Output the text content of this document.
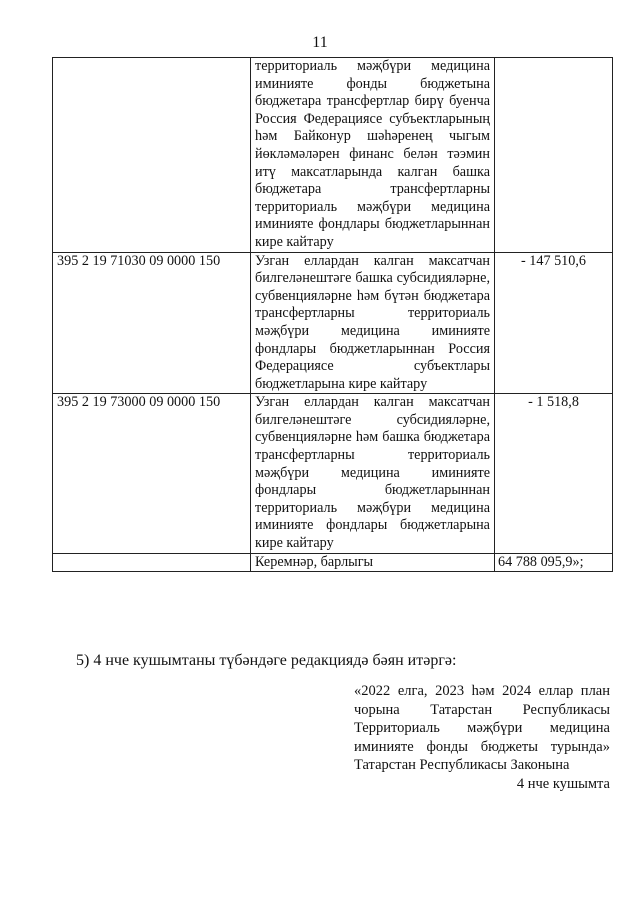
11
	территориаль мәҗбүри медицина иминияте фонды бюджетына бюджетара трансфертлар бирү буенча Россия Федерациясе субъектларының һәм Байконур шәһәренең чыгым йөкләмәләрен финанс белән тәэмин итү максатларында калган башка бюджетара трансфертларны территориаль мәҗбүри медицина иминияте фондлары бюджетларыннан кире кайтару	
395 2 19 71030 09 0000 150	Узган еллардан калган максатчан билгеләнештәге башка субсидияләрне, субвенцияләрне һәм бүтән бюджетара трансфертларны территориаль мәҗбүри медицина иминияте фондлары бюджетларыннан Россия Федерациясе субъектлары бюджетларына кире кайтару	- 147 510,6
395 2 19 73000 09 0000 150	Узган еллардан калган максатчан билгеләнештәге субсидияләрне, субвенцияләрне һәм башка бюджетара трансфертларны территориаль мәҗбүри медицина иминияте фондлары бюджетларыннан территориаль мәҗбүри медицина иминияте фондлары бюджетларына кире кайтару	- 1 518,8
	Керемнәр, барлыгы	64 788 095,9»;
5) 4 нче кушымтаны түбәндәге редакциядә бәян итәргә:
«2022 елга, 2023 һәм 2024 еллар план чорына Татарстан Республикасы Территориаль мәҗбүри медицина иминияте фонды бюджеты турында» Татарстан Республикасы Законына
4 нче кушымта
